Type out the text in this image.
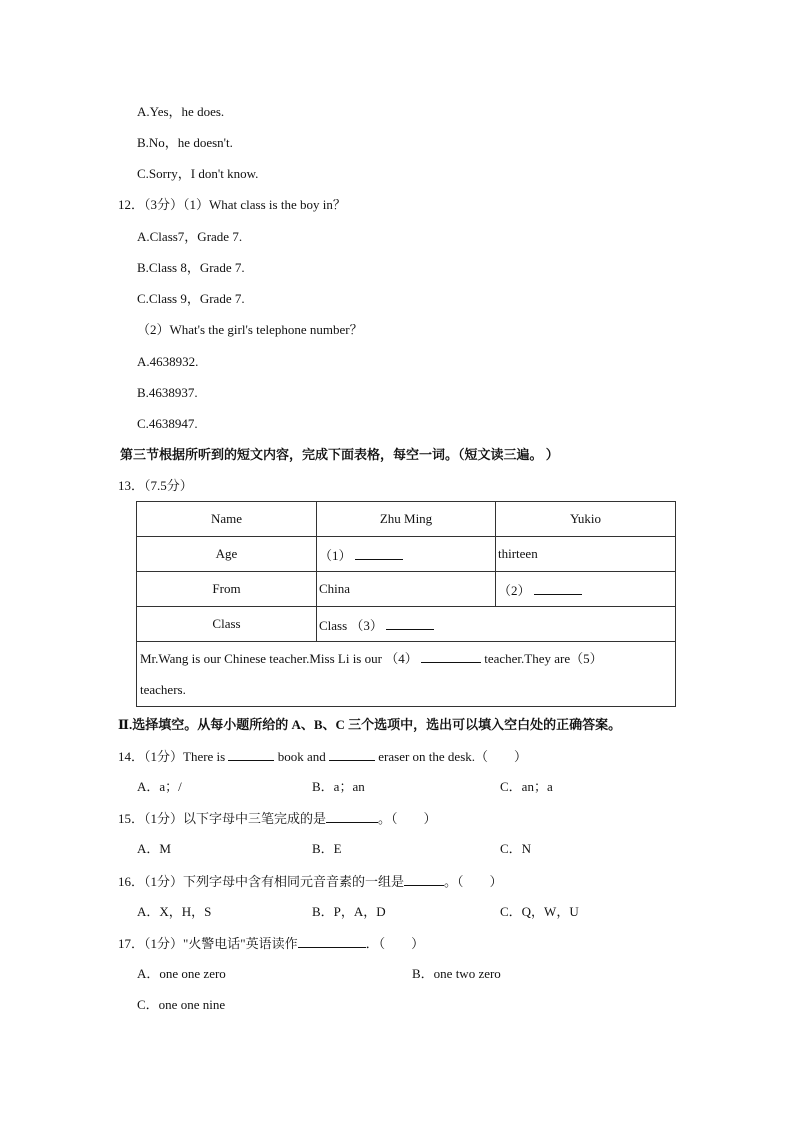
A.Yes，he does.
B.No，he doesn't.
C.Sorry，I don't know.
12．（3分）（1）What class is the boy in？
A.Class7，Grade 7.
B.Class 8，Grade 7.
C.Class 9，Grade 7.
（2）What's the girl's telephone number？
A.4638932.
B.4638937.
C.4638947.
第三节根据所听到的短文内容，完成下面表格，每空一词。（短文读三遍。 ）
13．（7.5分）
Name	Zhu Ming	Yukio
Age	（1）	thirteen
From	China	（2）
Class	Class （3）	
Mr.Wang is our Chinese teacher.Miss Li is our （4） teacher.They are（5）
teachers.		
Ⅱ.选择填空。从每小题所给的 A、B、C 三个选项中，选出可以填入空白处的正确答案。
14．（1分）There is	book and	eraser on the desk.（　　）
A．a；/	B．a；an	C．an；a
15．（1分）以下字母中三笔完成的是	。（　　）
A．M	B．E	C．N
16．（1分）下列字母中含有相同元音音素的一组是	。（　　）
A．X，H，S	B．P，A，D	C．Q，W，U
17．（1分）"火警电话"英语读作	．（　　）
A．one one zero	B．one two zero
C．one one nine
